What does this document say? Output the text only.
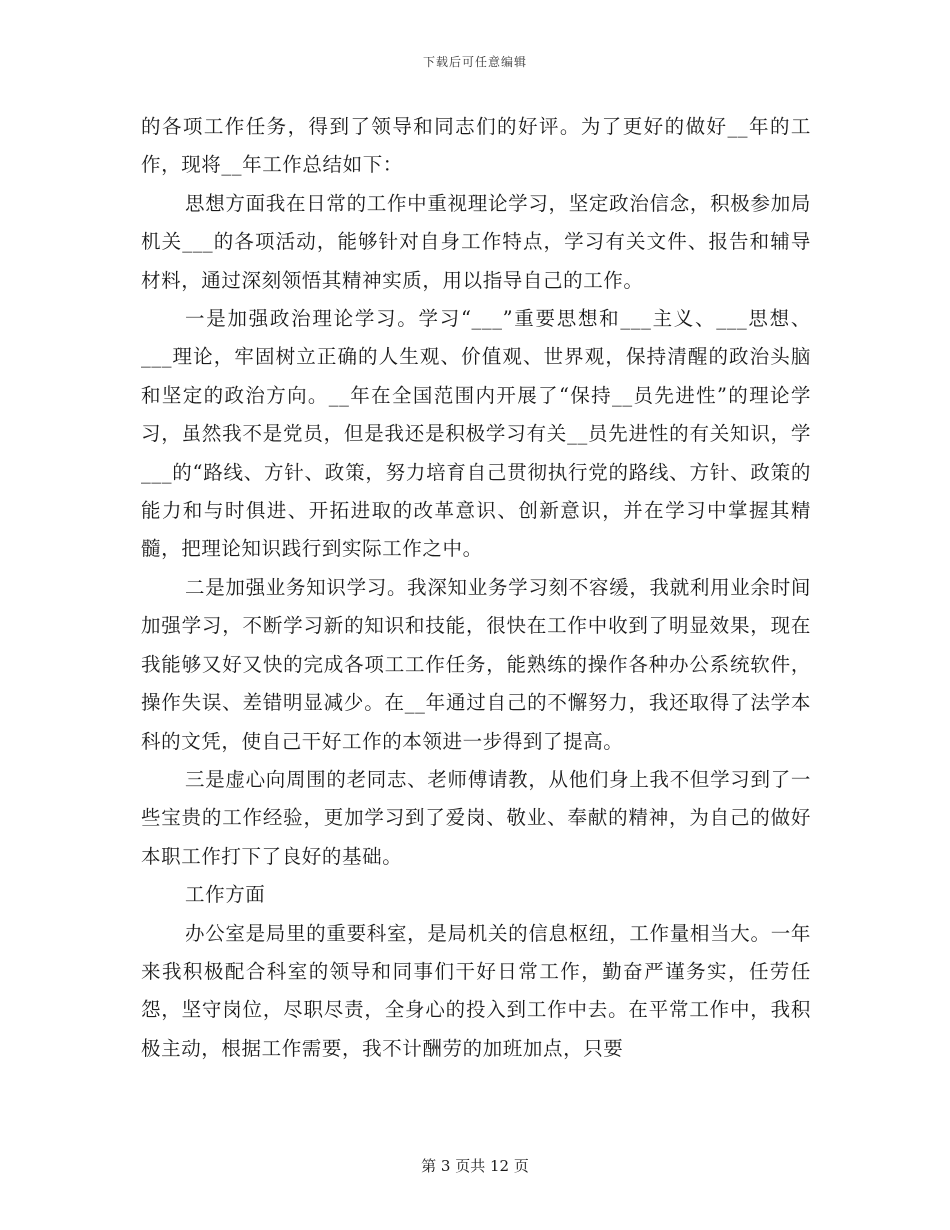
下载后可任意编辑

的各项工作任务，得到了领导和同志们的好评。为了更好的做好__年的工作，现将__年工作总结如下：

思想方面我在日常的工作中重视理论学习，坚定政治信念，积极参加局机关___的各项活动，能够针对自身工作特点，学习有关文件、报告和辅导材料，通过深刻领悟其精神实质，用以指导自己的工作。

一是加强政治理论学习。学习“___”重要思想和___主义、___思想、___理论，牢固树立正确的人生观、价值观、世界观，保持清醒的政治头脑和坚定的政治方向。__年在全国范围内开展了“保持__员先进性”的理论学习，虽然我不是党员，但是我还是积极学习有关__员先进性的有关知识，学___的“路线、方针、政策，努力培育自己贯彻执行党的路线、方针、政策的能力和与时俱进、开拓进取的改革意识、创新意识，并在学习中掌握其精髓，把理论知识践行到实际工作之中。

二是加强业务知识学习。我深知业务学习刻不容缓，我就利用业余时间加强学习，不断学习新的知识和技能，很快在工作中收到了明显效果，现在我能够又好又快的完成各项工工作任务，能熟练的操作各种办公系统软件，操作失误、差错明显减少。在__年通过自己的不懈努力，我还取得了法学本科的文凭，使自己干好工作的本领进一步得到了提高。

三是虚心向周围的老同志、老师傅请教，从他们身上我不但学习到了一些宝贵的工作经验，更加学习到了爱岗、敬业、奉献的精神，为自己的做好本职工作打下了良好的基础。

工作方面

办公室是局里的重要科室，是局机关的信息枢纽，工作量相当大。一年来我积极配合科室的领导和同事们干好日常工作，勤奋严谨务实，任劳任怨，坚守岗位，尽职尽责，全身心的投入到工作中去。在平常工作中，我积极主动，根据工作需要，我不计酬劳的加班加点，只要

第 3 页共 12 页
